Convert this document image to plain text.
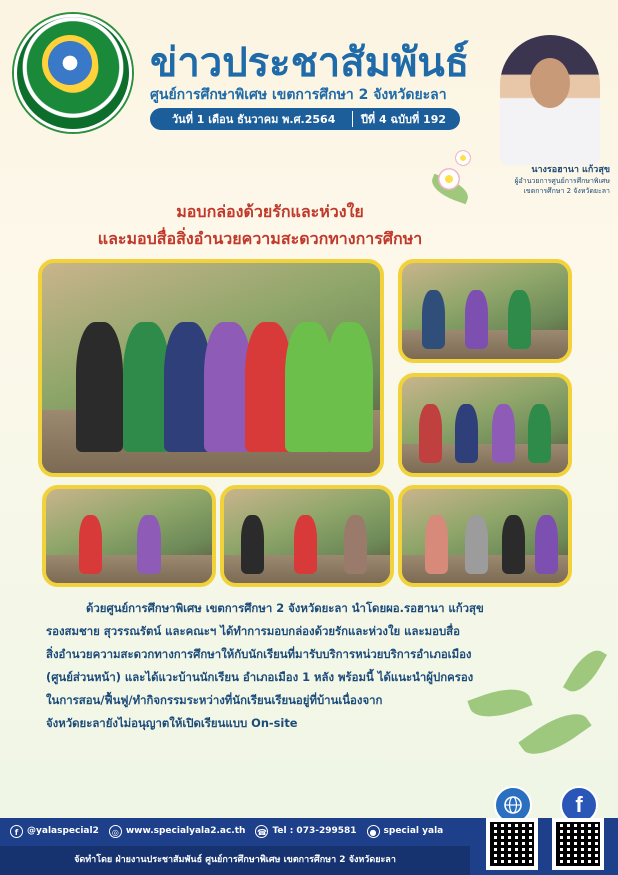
ข่าวประชาสัมพันธ์
ศูนย์การศึกษาพิเศษ เขตการศึกษา 2 จังหวัดยะลา
วันที่ 1 เดือน ธันวาคม พ.ศ.2564	ปีที่ 4 ฉบับที่ 192
นางรอฮานา แก้วสุข
ผู้อำนวยการศูนย์การศึกษาพิเศษ
เขตการศึกษา 2 จังหวัดยะลา
มอบกล่องด้วยรักและห่วงใย
และมอบสื่อสิ่งอำนวยความสะดวกทางการศึกษา
ด้วยศูนย์การศึกษาพิเศษ เขตการศึกษา 2 จังหวัดยะลา นำโดยผอ.รอฮานา แก้วสุข
รองสมชาย สุวรรณรัตน์ และคณะฯ ได้ทำการมอบกล่องด้วยรักและห่วงใย และมอบสื่อ
สิ่งอำนวยความสะดวกทางการศึกษาให้กับนักเรียนที่มารับบริการหน่วยบริการอำเภอเมือง
(ศูนย์ส่วนหน้า) และได้แวะบ้านนักเรียน อำเภอเมือง 1 หลัง พร้อมนี้ ได้แนะนำผู้ปกครอง
ในการสอน/ฟื้นฟู/ทำกิจกรรมระหว่างที่นักเรียนเรียนอยู่ที่บ้านเนื่องจาก
จังหวัดยะลายังไม่อนุญาตให้เปิดเรียนแบบ On-site
f @yalaspecial2	◎ www.specialyala2.ac.th ☎ Tel : 073-299581	● special yala
จัดทำโดย ฝ่ายงานประชาสัมพันธ์ ศูนย์การศึกษาพิเศษ เขตการศึกษา 2 จังหวัดยะลา
f
